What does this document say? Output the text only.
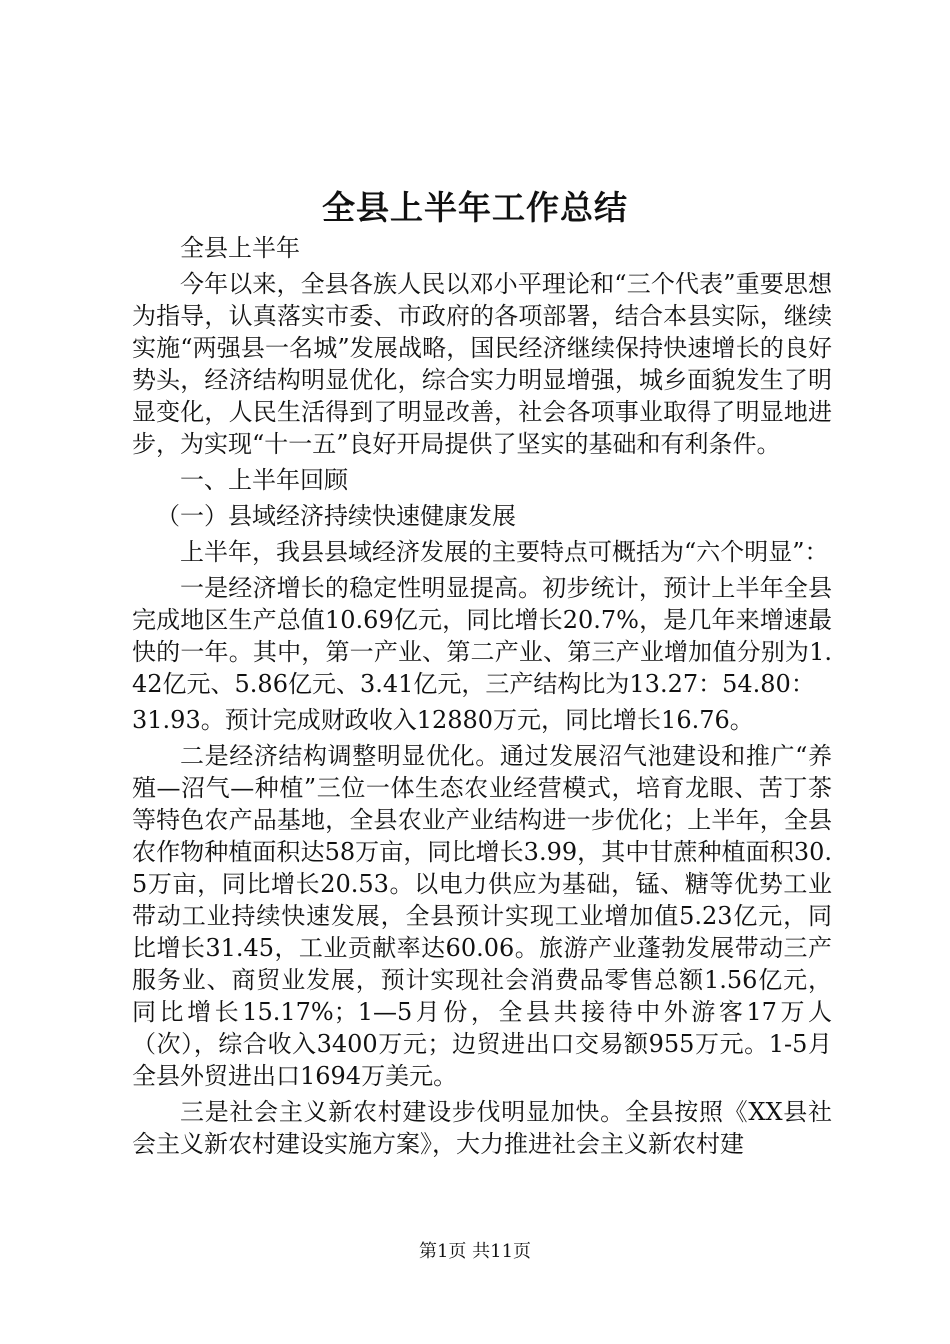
全县上半年工作总结

全县上半年

今年以来，全县各族人民以邓小平理论和“三个代表”重要思想为指导，认真落实市委、市政府的各项部署，结合本县实际，继续实施“两强县一名城”发展战略，国民经济继续保持快速增长的良好势头，经济结构明显优化，综合实力明显增强，城乡面貌发生了明显变化，人民生活得到了明显改善，社会各项事业取得了明显地进步，为实现“十一五”良好开局提供了坚实的基础和有利条件。

一、上半年回顾

（一）县域经济持续快速健康发展

上半年，我县县域经济发展的主要特点可概括为“六个明显”：

一是经济增长的稳定性明显提高。初步统计，预计上半年全县完成地区生产总值10.69亿元，同比增长20.7%，是几年来增速最快的一年。其中，第一产业、第二产业、第三产业增加值分别为1.42亿元、5.86亿元、3.41亿元，三产结构比为13.27：54.80：

31.93。预计完成财政收入12880万元，同比增长16.76。

二是经济结构调整明显优化。通过发展沼气池建设和推广“养殖—沼气—种植”三位一体生态农业经营模式，培育龙眼、苦丁茶等特色农产品基地，全县农业产业结构进一步优化；上半年，全县农作物种植面积达58万亩，同比增长3.99，其中甘蔗种植面积30.5万亩，同比增长20.53。以电力供应为基础，锰、糖等优势工业带动工业持续快速发展，全县预计实现工业增加值5.23亿元，同比增长31.45，工业贡献率达60.06。旅游产业蓬勃发展带动三产服务业、商贸业发展，预计实现社会消费品零售总额1.56亿元，同比增长15.17%；1—5月份，全县共接待中外游客17万人（次），综合收入3400万元；边贸进出口交易额955万元。1-5月全县外贸进出口1694万美元。

三是社会主义新农村建设步伐明显加快。全县按照《XX县社会主义新农村建设实施方案》，大力推进社会主义新农村建

第1页 共11页
